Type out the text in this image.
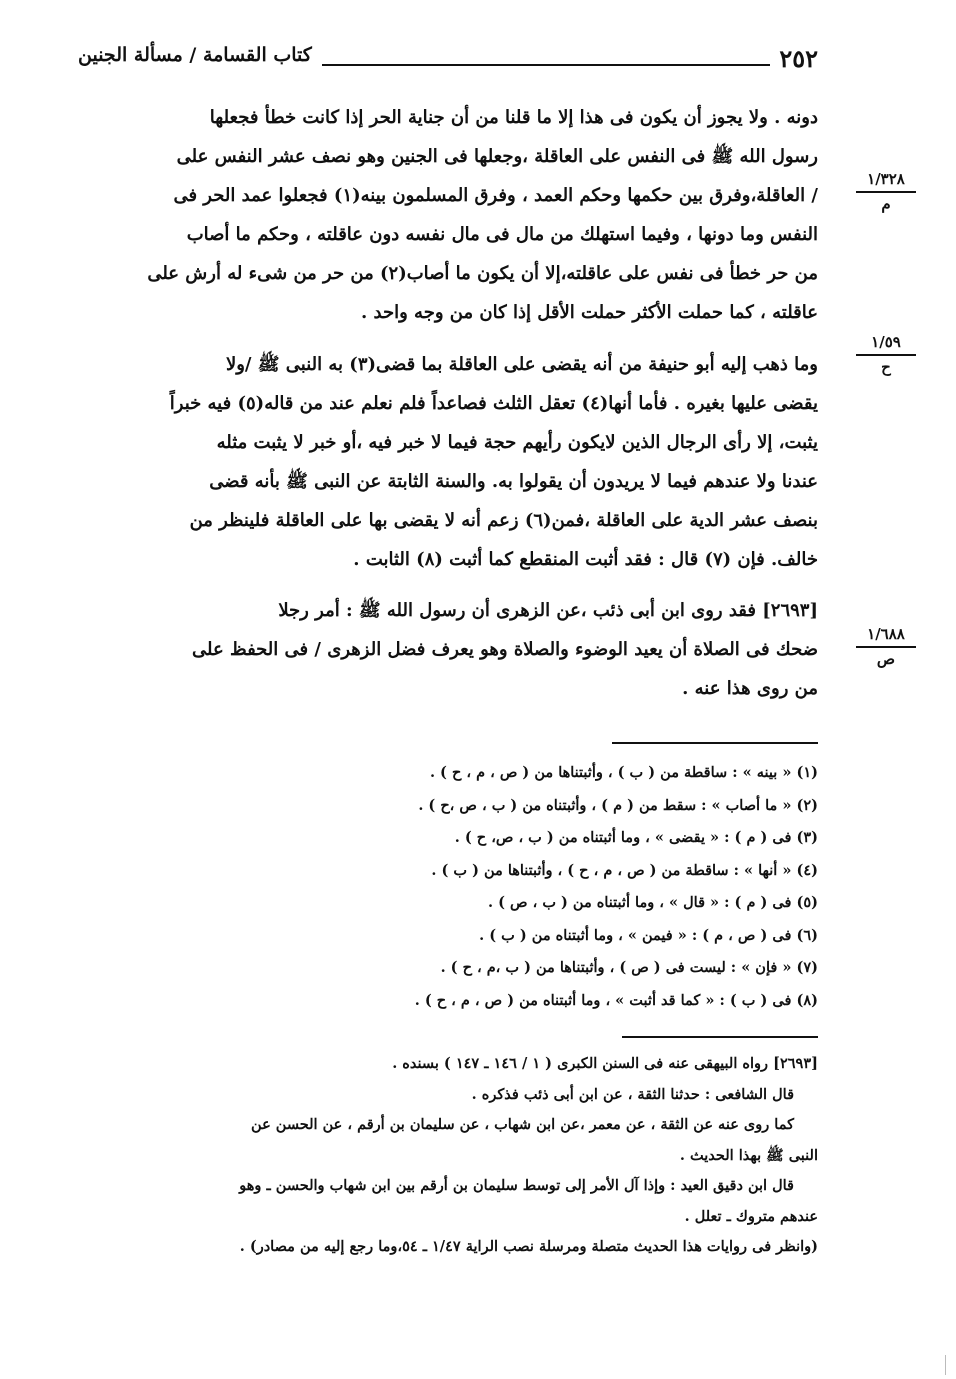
٢٥٢
كتاب القسامة / مسألة الجنين
دونه . ولا يجوز أن يكون فى هذا إلا ما قلنا من أن جناية الحر إذا كانت خطأ فجعلها
رسول الله ﷺ فى النفس على العاقلة ،وجعلها فى الجنين وهو نصف عشر النفس على
/ العاقلة،وفرق بين حكمها وحكم العمد ، وفرق المسلمون بينه(١) فجعلوا عمد الحر فى
النفس وما دونها ، وفيما استهلك من مال فى مال نفسه دون عاقلته ، وحكم ما أصاب
من حر خطأ فى نفس على عاقلته،إلا أن يكون ما أصاب(٢) من حر من شىء له أرش على
عاقلته ، كما حملت الأكثر حملت الأقل إذا كان من وجه واحد .
وما ذهب إليه أبو حنيفة من أنه يقضى على العاقلة بما قضى(٣) به النبى ﷺ /ولا
يقضى عليها بغيره . فأما أنها(٤) تعقل الثلث فصاعداً فلم نعلم عند من قاله(٥) فيه خبراً
يثبت، إلا رأى الرجال الذين لايكون رأيهم حجة فيما لا خبر فيه ،أو خبر لا يثبت مثله
عندنا ولا عندهم فيما لا يريدون أن يقولوا به. والسنة الثابتة عن النبى ﷺ بأنه قضى
بنصف عشر الدية على العاقلة ،فمن(٦) زعم أنه لا يقضى بها على العاقلة فلينظر من
خالف. فإن (٧) قال : فقد أثبت المنقطع كما أثبت (٨) الثابت .
[٢٦٩٣] فقد روى ابن أبى ذئب ،عن الزهرى أن رسول الله ﷺ : أمر رجلا
ضحك فى الصلاة أن يعيد الوضوء والصلاة وهو يعرف فضل الزهرى / فى الحفظ على
من روى هذا عنه .
١/٣٢٨
م
١/٥٩
ح
١/٦٨٨
ص
(١) « بينه » : ساقطة من ( ب ) ، وأثبتناها من ( ص ، م ، ح ) .
(٢) « ما أصاب » : سقط من ( م ) ، وأثبتناه من ( ب ، ص ،ح ) .
(٣) فى ( م ) : « يقضى » ، وما أثبتناه من ( ب ، ص، ح ) .
(٤) « أنها » : ساقطة من ( ص ، م ، ح ) ، وأثبتناها من ( ب ) .
(٥) فى ( م ) : « قال » ، وما أثبتناه من ( ب ، ص ) .
(٦) فى ( ص ، م ) : « فيمن » ، وما أثبتناه من ( ب ) .
(٧) « فإن » : ليست فى ( ص ) ، وأثبتناها من ( ب ،م ، ح ) .
(٨) فى ( ب ) : « كما قد أثبت » ، وما أثبتناه من ( ص ، م ، ح ) .
[٢٦٩٣] رواه البيهقى عنه فى السنن الكبرى ( ١ / ١٤٦ ـ ١٤٧ ) بسنده .
قال الشافعى : حدثنا الثقة ، عن ابن أبى ذئب فذكره .
كما روى عنه عن الثقة ، عن معمر ،عن ابن شهاب ، عن سليمان بن أرقم ، عن الحسن عن
النبى ﷺ بهذا الحديث .
قال ابن دقيق العيد : وإذا آل الأمر إلى توسط سليمان بن أرقم بين ابن شهاب والحسن ـ وهو
عندهم متروك ـ تعلل .
(وانظر فى روايات هذا الحديث متصلة ومرسلة نصب الراية ١/٤٧ ـ ٥٤،وما رجع إليه من مصادر) .
